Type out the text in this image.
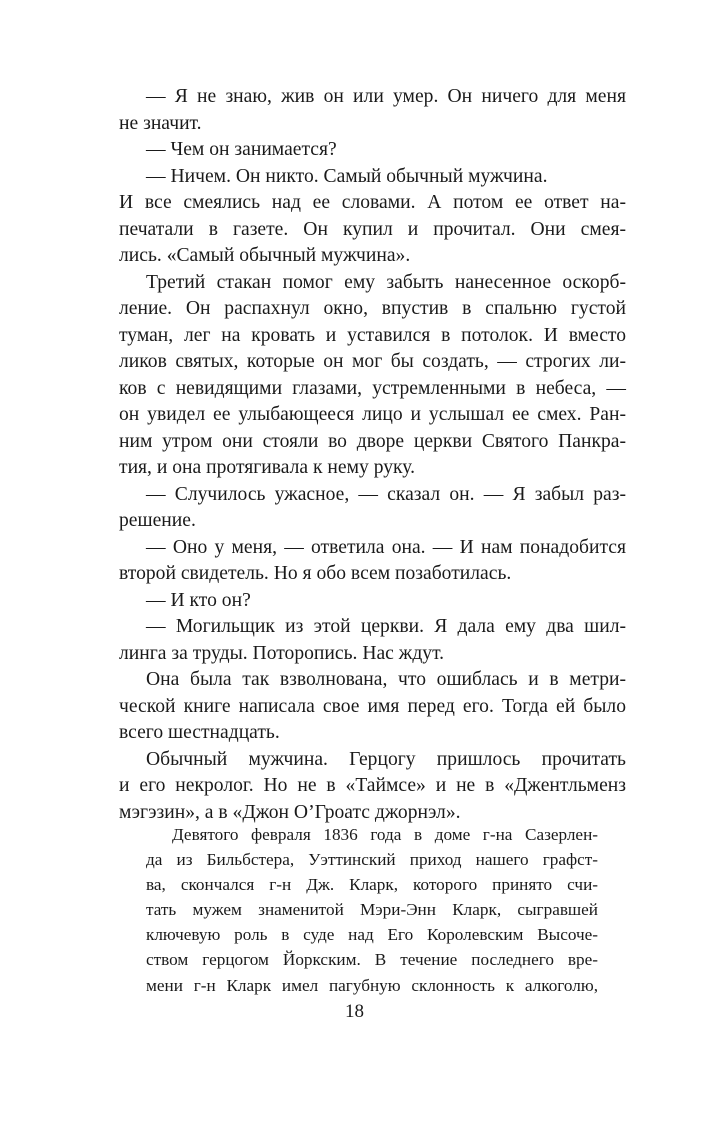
— Я не знаю, жив он или умер. Он ничего для меня
не значит.
— Чем он занимается?
— Ничем. Он никто. Самый обычный мужчина.
И все смеялись над ее словами. А потом ее ответ на-
печатали в газете. Он купил и прочитал. Они смея-
лись. «Самый обычный мужчина».
Третий стакан помог ему забыть нанесенное оскорб-
ление. Он распахнул окно, впустив в спальню густой
туман, лег на кровать и уставился в потолок. И вместо
ликов святых, которые он мог бы создать, — строгих ли-
ков с невидящими глазами, устремленными в небеса, —
он увидел ее улыбающееся лицо и услышал ее смех. Ран-
ним утром они стояли во дворе церкви Святого Панкра-
тия, и она протягивала к нему руку.
— Случилось ужасное, — сказал он. — Я забыл раз-
решение.
— Оно у меня, — ответила она. — И нам понадобится
второй свидетель. Но я обо всем позаботилась.
— И кто он?
— Могильщик из этой церкви. Я дала ему два шил-
линга за труды. Поторопись. Нас ждут.
Она была так взволнована, что ошиблась и в метри-
ческой книге написала свое имя перед его. Тогда ей было
всего шестнадцать.
Обычный мужчина. Герцогу пришлось прочитать
и его некролог. Но не в «Таймсе» и не в «Джентльменз
мэгэзин», а в «Джон О’Гроатс джорнэл».
Девятого февраля 1836 года в доме г-на Сазерлен-
да из Бильбстера, Уэттинский приход нашего графст-
ва, скончался г-н Дж. Кларк, которого принято счи-
тать мужем знаменитой Мэри-Энн Кларк, сыгравшей
ключевую роль в суде над Его Королевским Высоче-
ством герцогом Йоркским. В течение последнего вре-
мени г-н Кларк имел пагубную склонность к алкоголю,
18
